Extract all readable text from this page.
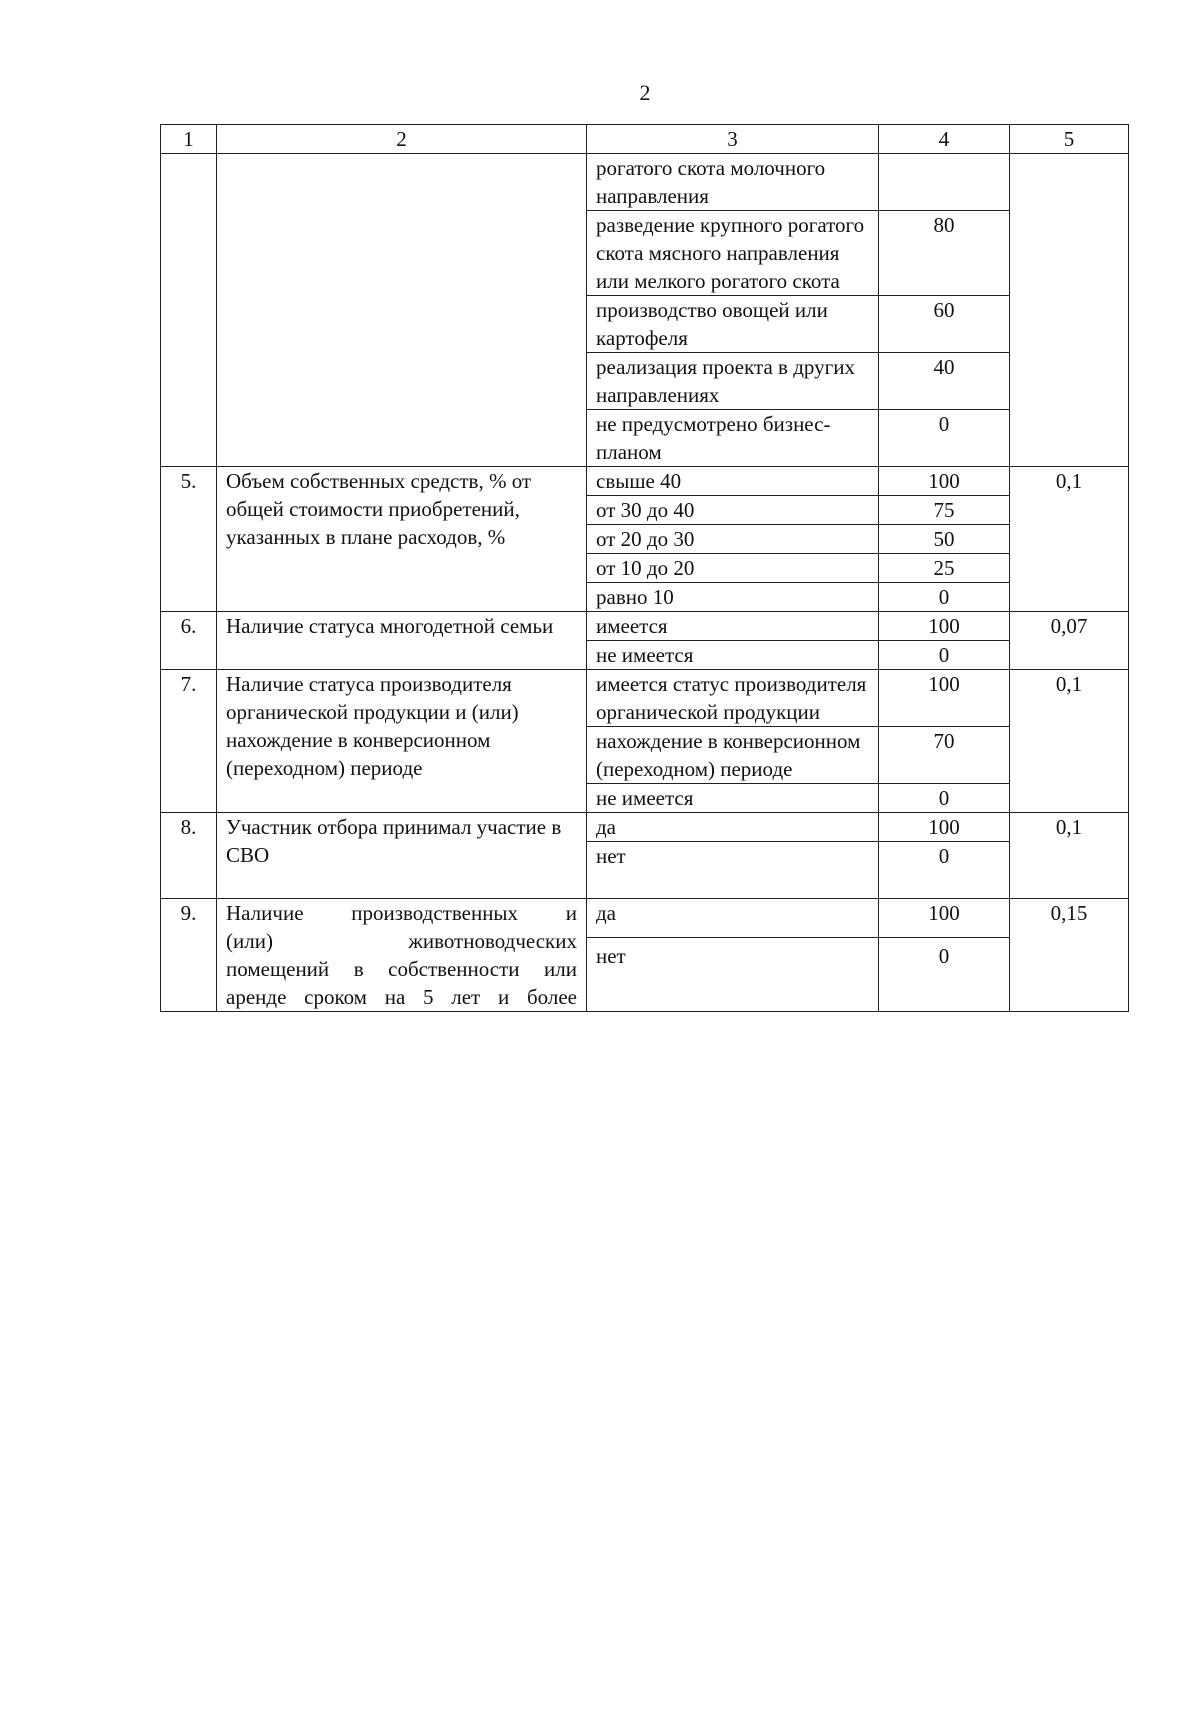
2
1	2	3	4	5
		рогатого скота молочного направления		
		разведение крупного рогатого скота мясного направления или мелкого рогатого скота	80	
		производство овощей или картофеля	60	
		реализация проекта в других направлениях	40	
		не предусмотрено бизнес-планом	0	
5.	Объем собственных средств, % от общей стоимости приобретений, указанных в плане расходов, %	свыше 40	100	0,1
		от 30 до 40	75	
		от 20 до 30	50	
		от 10 до 20	25	
		равно 10	0	
6.	Наличие статуса многодетной семьи	имеется	100	0,07
		не имеется	0	
7.	Наличие статуса производителя органической продукции и (или) нахождение в конверсионном (переходном) периоде	имеется статус производителя органической продукции	100	0,1
		нахождение в конверсионном (переходном) периоде	70	
		не имеется	0	
8.	Участник отбора принимал участие в СВО	да	100	0,1
		нет	0	
9.	Наличие производственных и
(или) животноводческих
помещений в собственности или
аренде сроком на 5 лет и более	да	100	0,15
		нет	0	
